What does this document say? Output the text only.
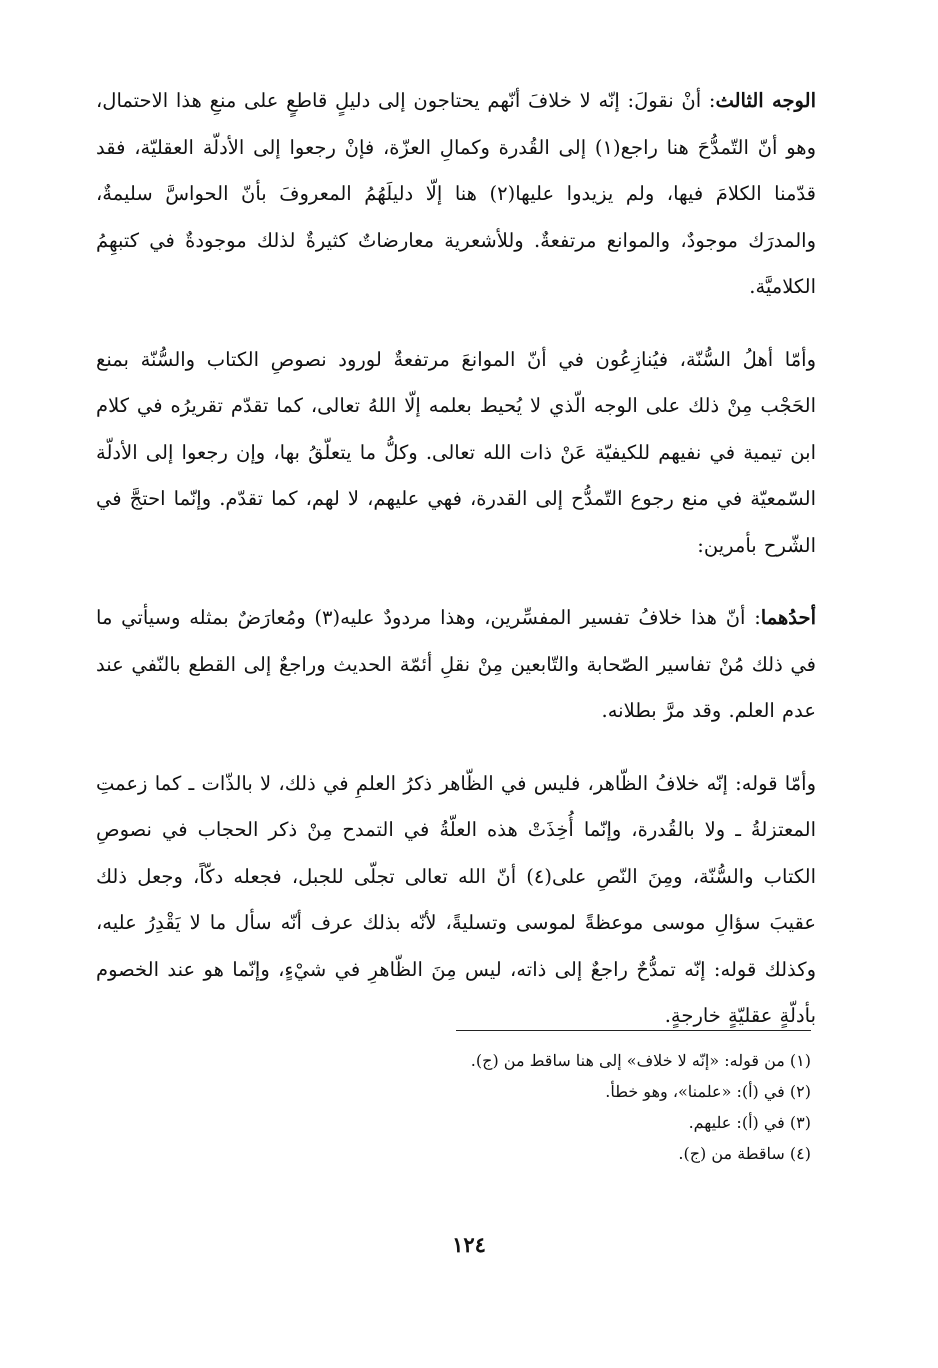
الوجه الثالث: أنْ نقولَ: إنّه لا خلافَ أنّهم يحتاجون إلى دليلٍ قاطعٍ على منعِ هذا الاحتمال، وهو أنّ التّمدُّحَ هنا راجع(١) إلى القُدرة وكمالِ العزّة، فإنْ رجعوا إلى الأدلّة العقليّة، فقد قدّمنا الكلامَ فيها، ولم يزيدوا عليها(٢) هنا إلّا دليلَهُمُ المعروفَ بأنّ الحواسَّ سليمةٌ، والمدرَك موجودٌ، والموانع مرتفعةٌ. وللأشعرية معارضاتٌ كثيرةٌ لذلك موجودةٌ في كتبهِمُ الكلاميَّة.

وأمّا أهلُ السُّنّة، فيُنازِعُون في أنّ الموانعَ مرتفعةٌ لورود نصوصِ الكتاب والسُّنّة بمنع الحَجْب مِنْ ذلك على الوجه الّذي لا يُحيط بعلمه إلّا اللهُ تعالى، كما تقدّم تقريرُه في كلام ابن تيمية في نفيهم للكيفيّة عَنْ ذات الله تعالى. وكلُّ ما يتعلّقُ بها، وإن رجعوا إلى الأدلّة السّمعيّة في منع رجوع التّمدُّح إلى القدرة، فهي عليهم، لا لهم، كما تقدّم. وإنّما احتجَّ في الشّرح بأمرين:

أحدُهما: أنّ هذا خلافُ تفسير المفسِّرين، وهذا مردودٌ عليه(٣) ومُعارَضٌ بمثله وسيأتي ما في ذلك مُنْ تفاسير الصّحابة والتّابعين مِنْ نقلِ أئمّة الحديث وراجعٌ إلى القطع بالنّفي عند عدم العلم. وقد مرَّ بطلانه.

وأمّا قوله: إنّه خلافُ الظّاهر، فليس في الظّاهر ذكرُ العلمِ في ذلك، لا بالذّات ـ كما زعمتِ المعتزلةُ ـ ولا بالقُدرة، وإنّما أُخِذَتْ هذه العلّةُ في التمدح مِنْ ذكر الحجاب في نصوصِ الكتاب والسُّنّة، ومِنَ النّصِ على(٤) أنّ الله تعالى تجلّى للجبل، فجعله دكّاً، وجعل ذلك عقيبَ سؤالِ موسى موعظةً لموسى وتسليةً، لأنّه بذلك عرف أنّه سأل ما لا يَقْدِرُ عليه، وكذلك قوله: إنّه تمدُّحٌ راجعٌ إلى ذاته، ليس مِنَ الظّاهرِ في شيْءٍ، وإنّما هو عند الخصوم بأدلّةٍ عقليّةٍ خارجةٍ.

(١) من قوله: «إنّه لا خلاف» إلى هنا ساقط من (ج).

(٢) في (أ): «علمنا»، وهو خطأ.

(٣) في (أ): عليهم.

(٤) ساقطة من (ج).

١٢٤
